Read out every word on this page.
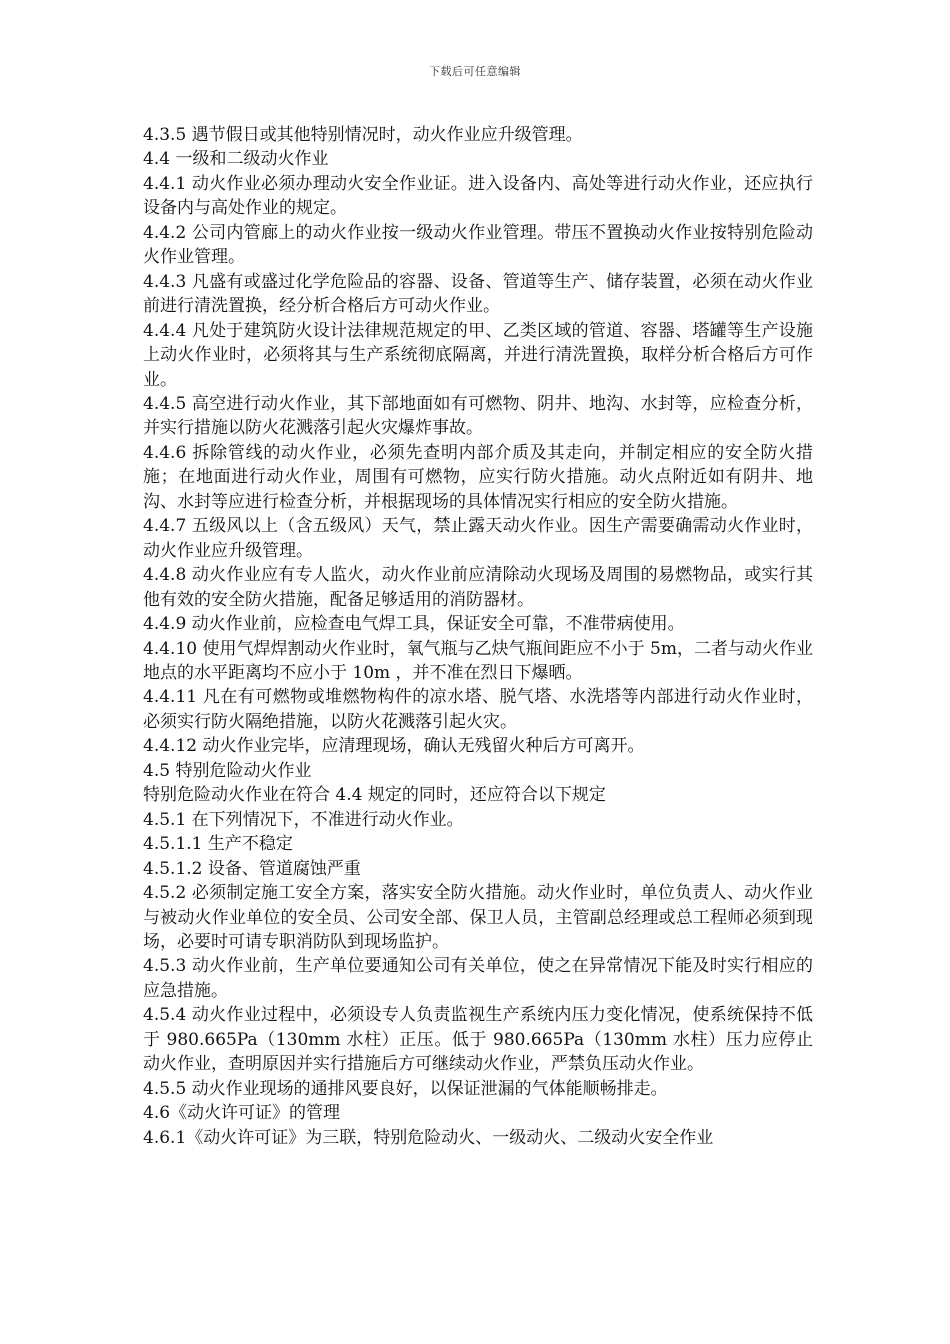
下载后可任意编辑

4.3.5 遇节假日或其他特别情况时，动火作业应升级管理。

4.4 一级和二级动火作业

4.4.1 动火作业必须办理动火安全作业证。进入设备内、高处等进行动火作业，还应执行设备内与高处作业的规定。

4.4.2 公司内管廊上的动火作业按一级动火作业管理。带压不置换动火作业按特别危险动火作业管理。

4.4.3 凡盛有或盛过化学危险品的容器、设备、管道等生产、储存装置，必须在动火作业前进行清洗置换，经分析合格后方可动火作业。

4.4.4 凡处于建筑防火设计法律规范规定的甲、乙类区域的管道、容器、塔罐等生产设施上动火作业时，必须将其与生产系统彻底隔离，并进行清洗置换，取样分析合格后方可作业。

4.4.5 高空进行动火作业，其下部地面如有可燃物、阴井、地沟、水封等，应检查分析，并实行措施以防火花溅落引起火灾爆炸事故。

4.4.6 拆除管线的动火作业，必须先查明内部介质及其走向，并制定相应的安全防火措施；在地面进行动火作业，周围有可燃物，应实行防火措施。动火点附近如有阴井、地沟、水封等应进行检查分析，并根据现场的具体情况实行相应的安全防火措施。

4.4.7 五级风以上（含五级风）天气，禁止露天动火作业。因生产需要确需动火作业时，动火作业应升级管理。

4.4.8 动火作业应有专人监火，动火作业前应清除动火现场及周围的易燃物品，或实行其他有效的安全防火措施，配备足够适用的消防器材。

4.4.9 动火作业前，应检查电气焊工具，保证安全可靠，不准带病使用。

4.4.10 使用气焊焊割动火作业时，氧气瓶与乙炔气瓶间距应不小于 5m，二者与动火作业地点的水平距离均不应小于 10m ，并不准在烈日下爆晒。

4.4.11 凡在有可燃物或堆燃物构件的凉水塔、脱气塔、水洗塔等内部进行动火作业时，必须实行防火隔绝措施，以防火花溅落引起火灾。

4.4.12 动火作业完毕，应清理现场，确认无残留火种后方可离开。

4.5 特别危险动火作业

特别危险动火作业在符合 4.4 规定的同时，还应符合以下规定

4.5.1 在下列情况下，不准进行动火作业。

4.5.1.1 生产不稳定

4.5.1.2 设备、管道腐蚀严重

4.5.2 必须制定施工安全方案，落实安全防火措施。动火作业时，单位负责人、动火作业与被动火作业单位的安全员、公司安全部、保卫人员，主管副总经理或总工程师必须到现场，必要时可请专职消防队到现场监护。

4.5.3 动火作业前，生产单位要通知公司有关单位，使之在异常情况下能及时实行相应的应急措施。

4.5.4 动火作业过程中，必须设专人负责监视生产系统内压力变化情况，使系统保持不低于 980.665Pa（130mm 水柱）正压。低于 980.665Pa（130mm 水柱）压力应停止动火作业，查明原因并实行措施后方可继续动火作业，严禁负压动火作业。

4.5.5 动火作业现场的通排风要良好，以保证泄漏的气体能顺畅排走。

4.6《动火许可证》的管理

4.6.1《动火许可证》为三联，特别危险动火、一级动火、二级动火安全作业
